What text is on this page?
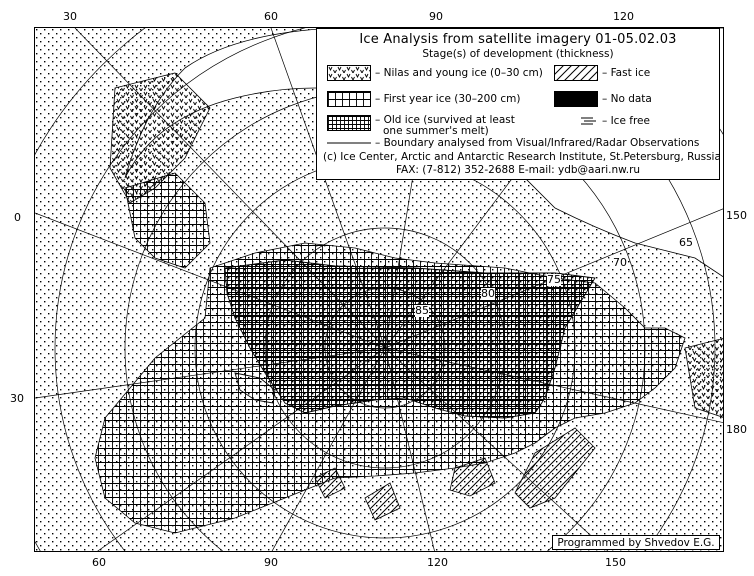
30	60	90	120
60	90	120	150
0
30
150
180
85
80
75
70
65
Ice Analysis from satellite imagery 01-05.02.03
Stage(s) of development (thickness)
– Nilas and young ice (0–30 cm)	– Fast ice
– First year ice (30–200 cm)	– No data
– Old ice (survived at least
one summer's melt)
– Ice free
– Boundary analysed from Visual/Infrared/Radar Observations
(c) Ice Center, Arctic and Antarctic Research Institute, St.Petersburg, Russia
FAX: (7-812) 352-2688 E-mail: ydb@aari.nw.ru
Programmed by Shvedov E.G.
